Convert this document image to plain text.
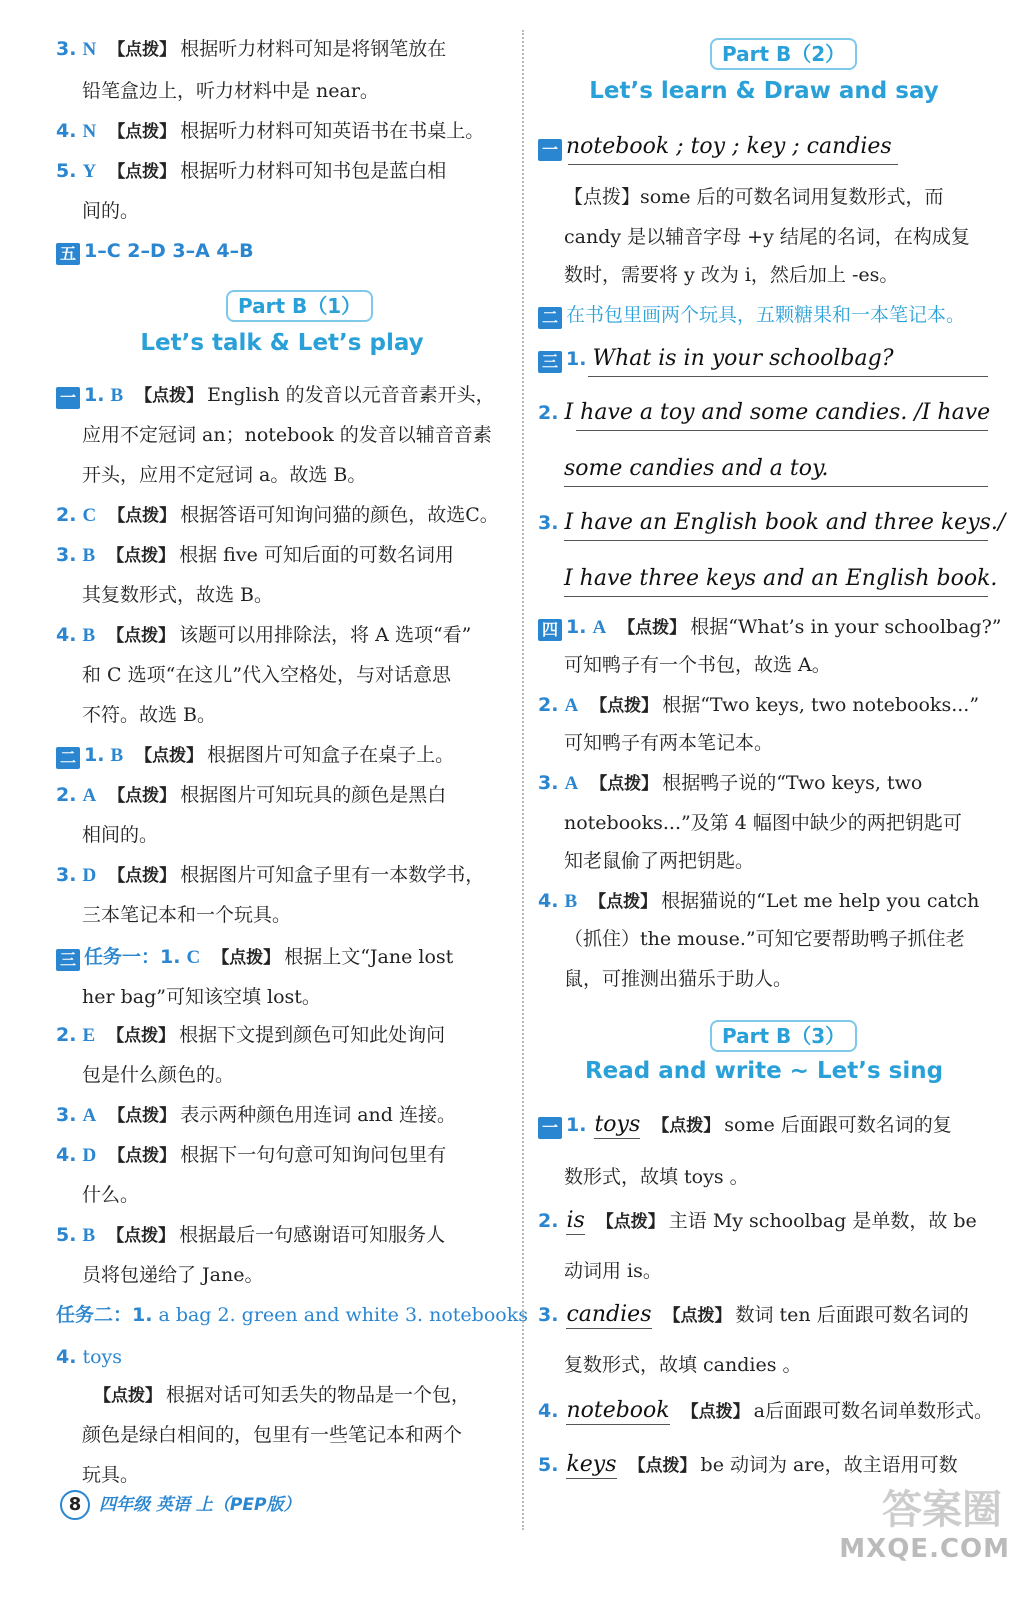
3. N 【点拨】 根据听力材料可知是将钢笔放在
铅笔盒边上，听力材料中是 near。
4. N 【点拨】 根据听力材料可知英语书在书桌上。
5. Y 【点拨】 根据听力材料可知书包是蓝白相
间的。
五 1–C 2–D 3–A 4–B
一 1. B 【点拨】 English 的发音以元音音素开头，
应用不定冠词 an；notebook 的发音以辅音音素
开头，应用不定冠词 a。故选 B。
2. C 【点拨】 根据答语可知询问猫的颜色，故选C。
3. B 【点拨】 根据 five 可知后面的可数名词用
其复数形式，故选 B。
4. B 【点拨】 该题可以用排除法，将 A 选项“看”
和 C 选项“在这儿”代入空格处，与对话意思
不符。故选 B。
二 1. B 【点拨】 根据图片可知盒子在桌子上。
2. A 【点拨】 根据图片可知玩具的颜色是黑白
相间的。
3. D 【点拨】 根据图片可知盒子里有一本数学书，
三本笔记本和一个玩具。
三 任务一：1. C 【点拨】 根据上文“Jane lost
her bag”可知该空填 lost。
2. E 【点拨】 根据下文提到颜色可知此处询问
包是什么颜色的。
3. A 【点拨】 表示两种颜色用连词 and 连接。
4. D 【点拨】 根据下一句句意可知询问包里有
什么。
5. B 【点拨】 根据最后一句感谢语可知服务人
员将包递给了 Jane。
任务二：1. a bag 2. green and white 3. notebooks
4. toys
【点拨】 根据对话可知丢失的物品是一个包，
颜色是绿白相间的，包里有一些笔记本和两个
玩具。
Part B（1）
Let’s talk & Let’s play
Part B（2）
Let’s learn & Draw and say
一 notebook ; toy ; key ; candies
【点拨】some 后的可数名词用复数形式，而
candy 是以辅音字母 +y 结尾的名词，在构成复
数时，需要将 y 改为 i，然后加上 -es。
二 在书包里画两个玩具，五颗糖果和一本笔记本。
三 1. What is in your schoolbag?
2. I have a toy and some candies. /I have
some candies and a toy.
3. I have an English book and three keys./
I have three keys and an English book.
四 1. A 【点拨】 根据“What’s in your schoolbag?”
可知鸭子有一个书包，故选 A。
2. A 【点拨】 根据“Two keys, two notebooks...”
可知鸭子有两本笔记本。
3. A 【点拨】 根据鸭子说的“Two keys, two
notebooks...”及第 4 幅图中缺少的两把钥匙可
知老鼠偷了两把钥匙。
4. B 【点拨】 根据猫说的“Let me help you catch
（抓住）the mouse.”可知它要帮助鸭子抓住老
鼠，可推测出猫乐于助人。
Part B（3）
Read and write ~ Let’s sing
一 1. toys 【点拨】 some 后面跟可数名词的复
数形式，故填 toys 。
2. is 【点拨】 主语 My schoolbag 是单数，故 be
动词用 is。
3. candies 【点拨】 数词 ten 后面跟可数名词的
复数形式，故填 candies 。
4. notebook 【点拨】 a后面跟可数名词单数形式。
5. keys 【点拨】 be 动词为 are，故主语用可数
8 四年级 英语 上（PEP版）	答案圈
MXQE.COM
